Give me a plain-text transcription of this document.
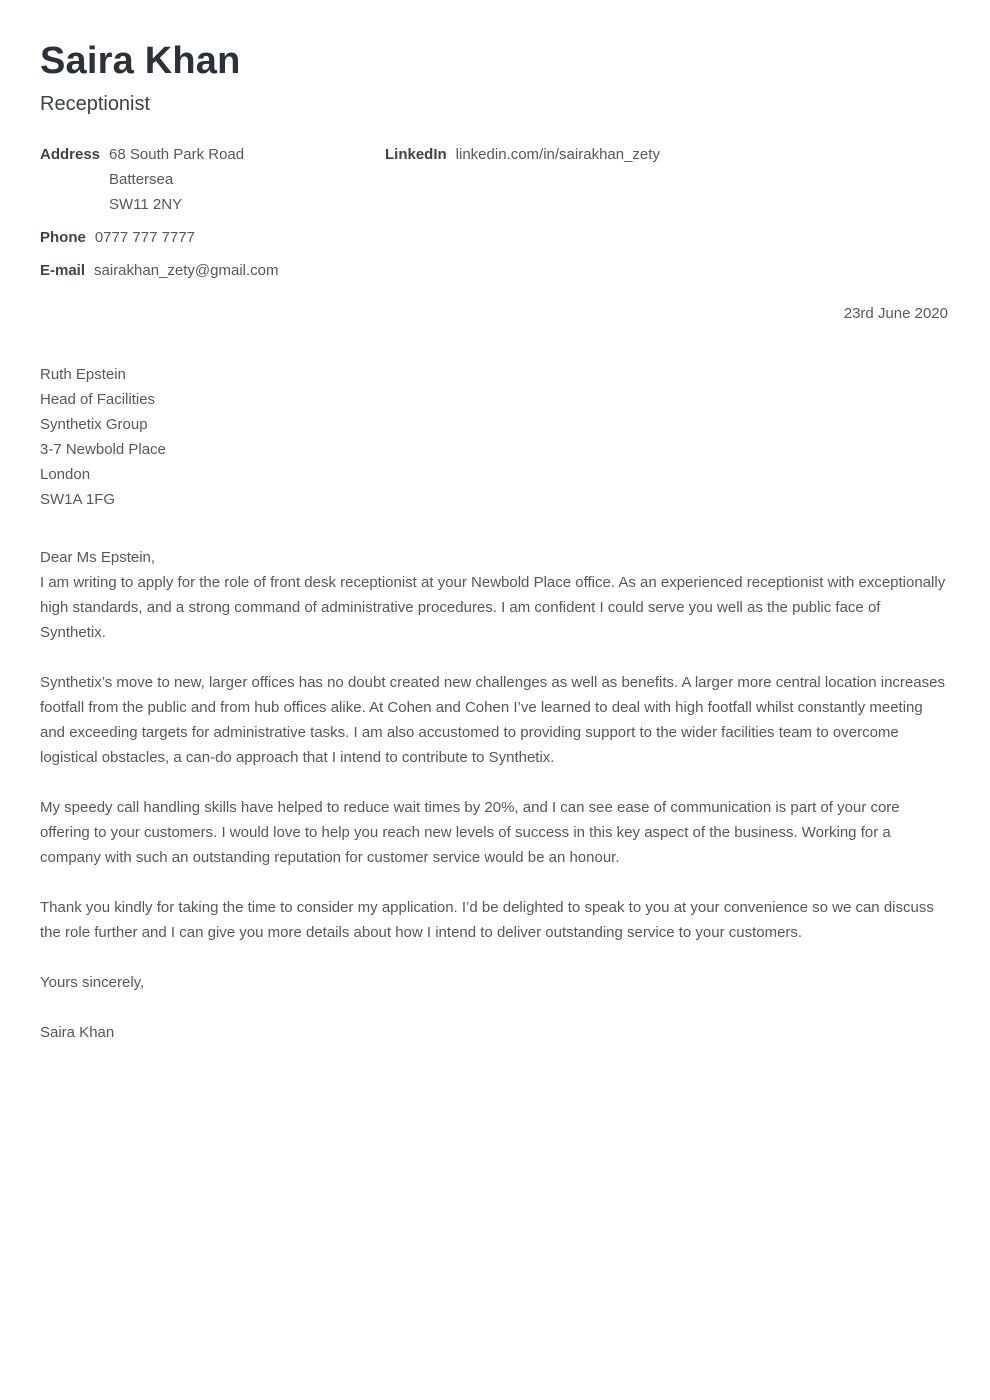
Saira Khan
Receptionist
Address 68 South Park Road
Battersea
SW11 2NY
Phone 0777 777 7777
E-mail sairakhan_zety@gmail.com
LinkedIn linkedin.com/in/sairakhan_zety
23rd June 2020
Ruth Epstein
Head of Facilities
Synthetix Group
3-7 Newbold Place
London
SW1A 1FG
Dear Ms Epstein,

I am writing to apply for the role of front desk receptionist at your Newbold Place office. As an experienced receptionist with exceptionally high standards, and a strong command of administrative procedures. I am confident I could serve you well as the public face of Synthetix.

Synthetix’s move to new, larger offices has no doubt created new challenges as well as benefits. A larger more central location increases footfall from the public and from hub offices alike. At Cohen and Cohen I’ve learned to deal with high footfall whilst constantly meeting and exceeding targets for administrative tasks. I am also accustomed to providing support to the wider facilities team to overcome logistical obstacles, a can-do approach that I intend to contribute to Synthetix.

My speedy call handling skills have helped to reduce wait times by 20%, and I can see ease of communication is part of your core offering to your customers. I would love to help you reach new levels of success in this key aspect of the business. Working for a company with such an outstanding reputation for customer service would be an honour.

Thank you kindly for taking the time to consider my application. I’d be delighted to speak to you at your convenience so we can discuss the role further and I can give you more details about how I intend to deliver outstanding service to your customers.

Yours sincerely,

Saira Khan
